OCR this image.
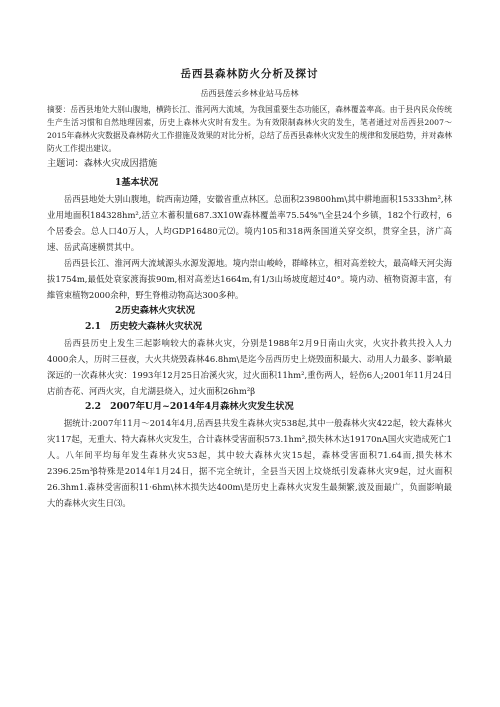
岳西县森林防火分析及探讨

岳西县莲云乡林业站马岳林

摘要：岳西县地处大别山腹地，横跨长江、淮河两大流域，为我国重要生态功能区，森林覆盖率高。由于县内民众传统生产生活习惯和自然地理因素，历史上森林火灾时有发生。为有效限制森林火灾的发生，笔者通过对岳西县2007～2015年森林火灾数据及森林防火工作措施及效果的对比分析，总结了岳西县森林火灾发生的规律和发展趋势，并对森林防火工作提出建议。

主题词：森林火灾成因措施

1基本状况

岳西县地处大别山腹地，皖西南边陲，安徽省重点林区。总面积239800hm\其中耕地面积15333hm²,林业用地面积184328hm²,活立木蓄积量687.3X10W森林覆盖率75.54%"\全县24个乡镇，182个行政村，6个居委会。总人口40万人，人均GDP16480元⑵。境内105和318两条国道关穿交织，贯穿全县，济广高速、岳武高速横贯其中。

岳西县长江、淮河两大流域源头水源发源地。境内崇山峻岭，群峰林立，相对高差较大，最高峰天河尖海拔1754m,最低处衰家渡海拔90m,相对高差达1664m,有1/3山场坡度超过40°。境内动、植物资源丰富，有維管束植物2000余种，野生脊椎动物高达300多种。

2历史森林火灾状况
2.1　历史较大森林火灾状况

岳西县历史上发生三起影响较大的森林火灾，分别是1988年2月9日南山火灾，火灾扑救共投入人力4000余人，历时三昼夜，大火共烧毁森林46.8hm\是迄今岳西历史上烧毁面积最大、动用人力最多、影响最深远的一次森林火灾：1993年12月25日冶溪火灾，过火面积11hm²,重伤两人，轻伤6人;2001年11月24日店前杏花、河西火灾，自尤湖县烧入，过火面积26hm²β

2.2　2007年U月~2014年4月森林火灾发生状况

据统计:2007年11月～2014年4月,岳西县共发生森林火灾538起,其中一般森林火灾422起，较大森林火灾117起，无重大、特大森林火灾发生，合计森林受害面积573.1hm²,损失林木达19170nA国火灾造成死亡1人。八年间平均每年发生森林火灾53起，其中较大森林火灾15起，森林受害面积71.64而,损失林木2396.25m³β特殊是2014年1月24日，据不完全统计，全县当天因上坟烧纸引发森林火灾9起，过火面积26.3hm1.森林受害面积11·6hm\林木损失达400m\是历史上森林火灾发生最频繁,波及面最广，负面影响最大的森林火灾生日⑶。
